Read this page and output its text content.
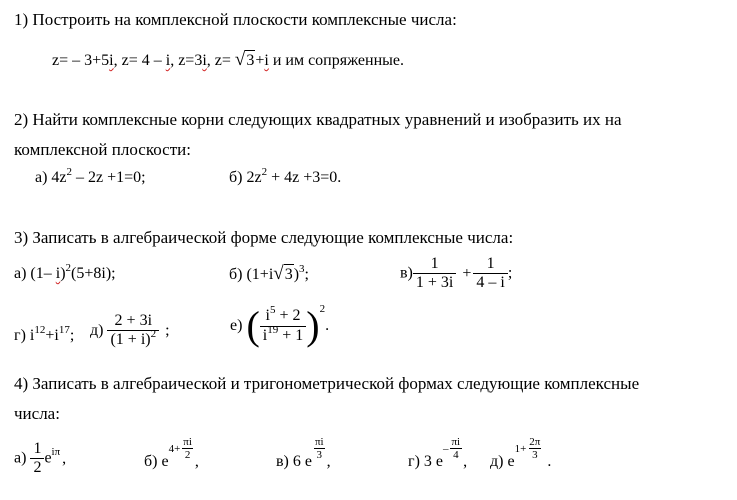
1) Построить на комплексной плоскости комплексные числа:
z= – 3+5i, z= 4 – i, z=3i, z= √3+i и им сопряженные.
2) Найти комплексные корни следующих квадратных уравнений и изобразить их на
комплексной плоскости:
а) $4z^2 - 2z +1=0$;	б) $2z^2 + 4z +3=0$.
3) Записать в алгебраической форме следующие комплексные числа:
а) (1– i)$^2$(5+8i);	б) $(1+i√3)^3$;	$в) \frac{1}{1 + 3i} + \frac{1}{4 - i}$ ;
г) $i^{12}+i^{17}$; $д) \frac{2 + 3i}{(1 + i)^2}$ ;	е) ( $\frac{i^5 + 2}{i^{19} + 1} )^2$.
4) Записать в алгебраической и тригонометрической формах следующие комплексные
числа:
$а) \frac{1}{2} e^{i\pi}$ ,	б) e
$4+ \frac{\pi i}{2}$ ,	в) 6 e
$\frac{\pi i}{3}$
,	г) 3 e
– $\frac{\pi i}{4}$ , д) e
$1+ \frac{2\pi}{3}$ .
